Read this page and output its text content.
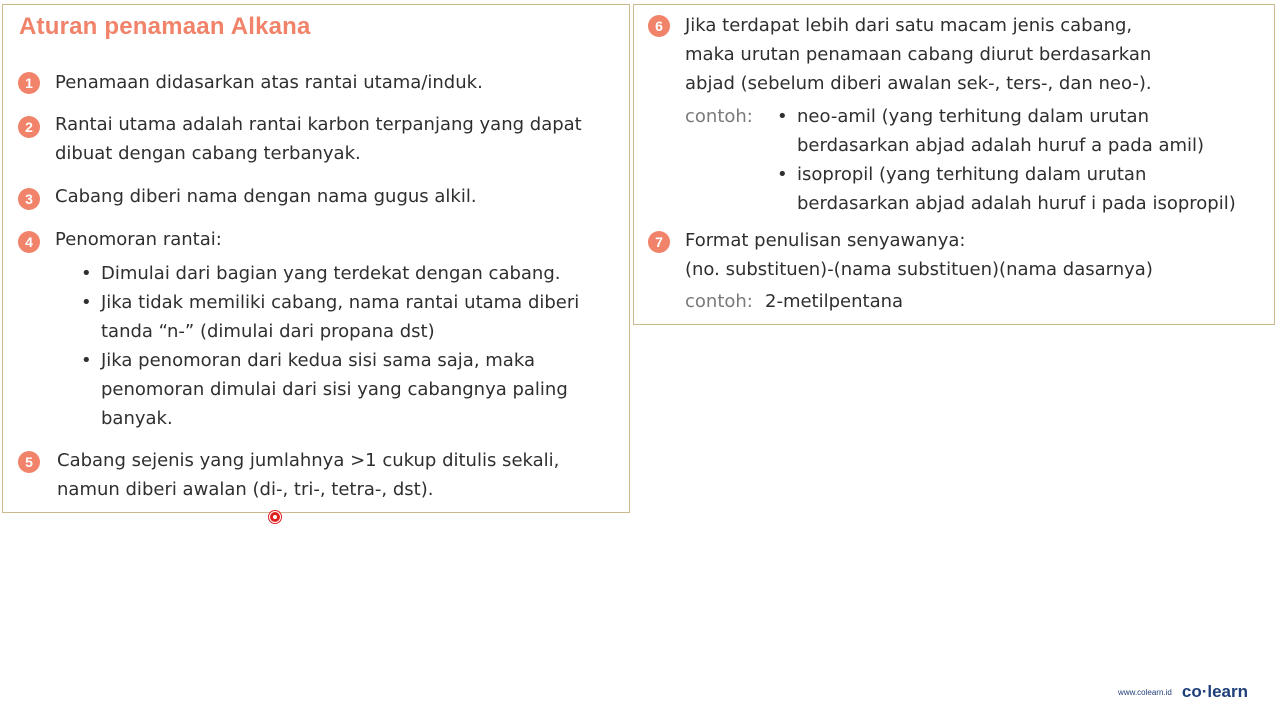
Aturan penamaan Alkana
1	Penamaan didasarkan atas rantai utama/induk.
2	Rantai utama adalah rantai karbon terpanjang yang dapat
dibuat dengan cabang terbanyak.
3	Cabang diberi nama dengan nama gugus alkil.
4	Penomoran rantai:
• Dimulai dari bagian yang terdekat dengan cabang.
• Jika tidak memiliki cabang, nama rantai utama diberi
tanda “n-” (dimulai dari propana dst)
• Jika penomoran dari kedua sisi sama saja, maka
penomoran dimulai dari sisi yang cabangnya paling
banyak.
5	Cabang sejenis yang jumlahnya >1 cukup ditulis sekali,
namun diberi awalan (di-, tri-, tetra-, dst).
6	Jika terdapat lebih dari satu macam jenis cabang,
maka urutan penamaan cabang diurut berdasarkan
abjad (sebelum diberi awalan sek-, ters-, dan neo-).
contoh:
• neo-amil (yang terhitung dalam urutan
berdasarkan abjad adalah huruf a pada amil)
• isopropil (yang terhitung dalam urutan
berdasarkan abjad adalah huruf i pada isopropil)
7	Format penulisan senyawanya:
(no. substituen)-(nama substituen)(nama dasarnya)
contoh: 2-metilpentana
www.colearn.id co·learn
